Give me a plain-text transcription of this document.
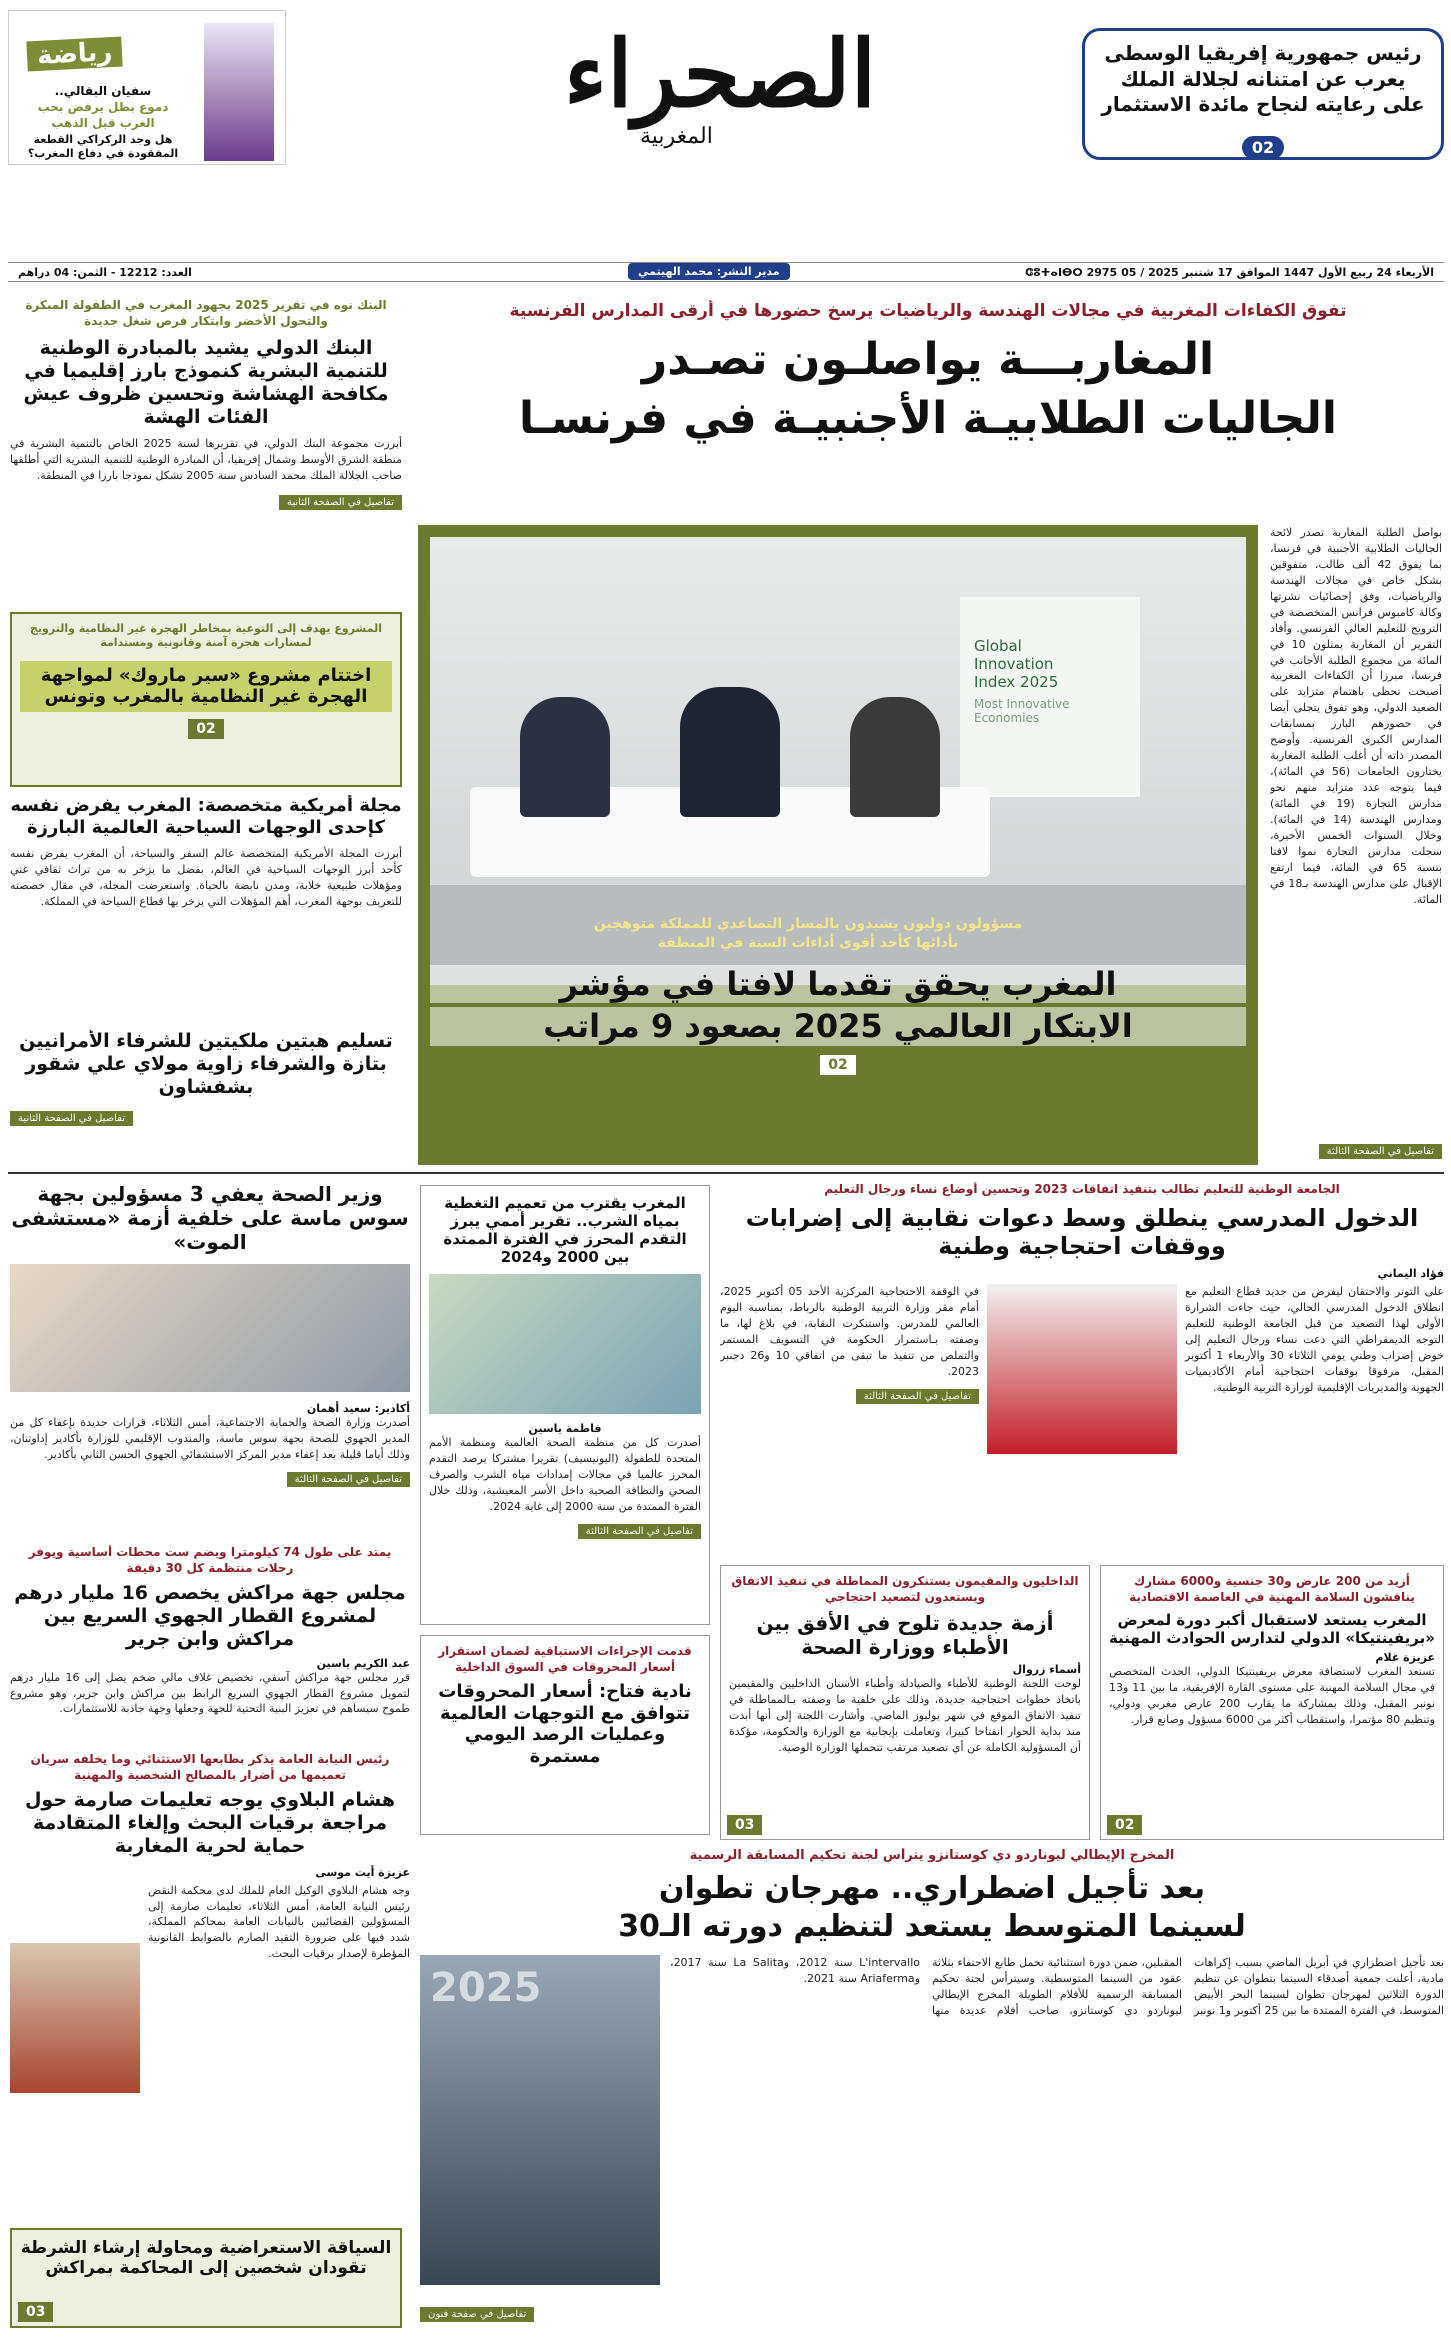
رياضة
سفيان البقالي..
دموع بطل يرفض بحب
الغرب قبل الذهب
هل وجد الركراكي القطعة المفقودة في دفاع المغرب؟
الصحراء
المغربية
رئيس جمهورية إفريقيا الوسطى يعرب عن امتنانه لجلالة الملك على رعايته لنجاح مائدة الاستثمار
02
العدد: 12212 - الثمن: 04 دراهم	مدير النشر: محمد الهيتمي	الأربعاء 24 ربيع الأول 1447 الموافق 17 شتنبر 2025 / 05 ⵛⵓⵜⴰⵏⴱⵔ 2975
البنك نوه في تقرير 2025 بجهود المغرب في الطفولة المبكرة والتحول الأخضر وابتكار فرص شغل جديدة
البنك الدولي يشيد بالمبادرة الوطنية للتنمية البشرية كنموذج بارز إقليميا في مكافحة الهشاشة وتحسين ظروف عيش الفئات الهشة
أبرزت مجموعة البنك الدولي، في تقريرها لسنة 2025 الخاص بالتنمية البشرية في منطقة الشرق الأوسط وشمال إفريقيا، أن المبادرة الوطنية للتنمية البشرية التي أطلقها صاحب الجلالة الملك محمد السادس سنة 2005 تشكل نموذجا بارزا في المنطقة.
تفاصيل في الصفحة الثانية
المشروع يهدف إلى التوعية بمخاطر الهجرة غير النظامية والترويج لمسارات هجرة آمنة وقانونية ومستدامة
اختتام مشروع «سير ماروك» لمواجهة الهجرة غير النظامية بالمغرب وتونس
02
مجلة أمريكية متخصصة: المغرب يفرض نفسه كإحدى الوجهات السياحية العالمية البارزة
أبرزت المجلة الأمريكية المتخصصة عالم السفر والسياحة، أن المغرب يفرض نفسه كأحد أبرز الوجهات السياحية في العالم، بفضل ما يزخر به من تراث ثقافي غني ومؤهلات طبيعية خلابة، ومدن نابضة بالحياة. واستعرضت المجلة، في مقال خصصته للتعريف بوجهة المغرب، أهم المؤهلات التي يزخر بها قطاع السياحة في المملكة.
تسليم هبتين ملكيتين للشرفاء الأمرانيين بتازة والشرفاء زاوية مولاي علي شقور بشفشاون
تفاصيل في الصفحة الثانية
تفوق الكفاءات المغربية في مجالات الهندسة والرياضيات يرسخ حضورها في أرقى المدارس الفرنسية
المغاربـــة يواصلـون تصـدر
الجاليات الطلابيـة الأجنبيـة في فرنسـا
بواصل الطلبة المغاربة تصدر لائحة الجاليات الطلابية الأجنبية في فرنسا، بما يفوق 42 ألف طالب، متفوقين بشكل خاص في مجالات الهندسة والرياضيات، وفق إحصائيات نشرتها وكالة كامبوس فرانس المتخصصة في الترويج للتعليم العالي الفرنسي. وأفاد التقرير أن المغاربة يمثلون 10 في المائة من مجموع الطلبة الأجانب في فرنسا، مبرزا أن الكفاءات المغربية أصبحت تحظى باهتمام متزايد على الصعيد الدولي، وهو تفوق يتجلى أيضا في حضورهم البارز بمسابقات المدارس الكبرى الفرنسية. وأوضح المصدر ذاته أن أغلب الطلبة المغاربة يختارون الجامعات (56 في المائة)، فيما يتوجه عدد متزايد منهم نحو مدارس التجارة (19 في المائة) ومدارس الهندسة (14 في المائة). وخلال السنوات الخمس الأخيرة، سجلت مدارس التجارة نموا لافتا بنسبة 65 في المائة، فيما ارتفع الإقبال على مدارس الهندسة بـ18 في المائة.
تفاصيل في الصفحة الثالثة
Global
Innovation
Index 2025
Most Innovative Economies
مسؤولون دوليون يشيدون بالمسار التصاعدي للمملكة متوهجين
بأدائها كأحد أقوى أداءات السنة في المنطقة
المغرب يحقق تقدما لافتا في مؤشر
الابتكار العالمي 2025 بصعود 9 مراتب
02
وزير الصحة يعفي 3 مسؤولين بجهة سوس ماسة على خلفية أزمة «مستشفى الموت»
أكادير: سعيد أهمان
أصدرت وزارة الصحة والحماية الاجتماعية، أمس الثلاثاء، قرارات جديدة بإعفاء كل من المدير الجهوي للصحة بجهة سوس ماسة، والمندوب الإقليمي للوزارة بأكادير إداوتنان، وذلك أياما قليلة بعد إعفاء مدير المركز الاستشفائي الجهوي الحسن الثاني بأكادير.
تفاصيل في الصفحة الثالثة
يمتد على طول 74 كيلومترا ويضم ست محطات أساسية ويوفر رحلات منتظمة كل 30 دقيقة
مجلس جهة مراكش يخصص 16 مليار درهم لمشروع القطار الجهوي السريع بين مراكش وابن جرير
عبد الكريم ياسين
قرر مجلس جهة مراكش آسفي، تخصيص غلاف مالي ضخم يصل إلى 16 مليار درهم لتمويل مشروع القطار الجهوي السريع الرابط بين مراكش وابن جرير، وهو مشروع طموح سيساهم في تعزيز البنية التحتية للجهة وجعلها وجهة جاذبة للاستثمارات.
رئيس النيابة العامة يذكر بطابعها الاستثنائي وما يخلفه سريان تعميمها من أضرار بالمصالح الشخصية والمهنية
هشام البلاوي يوجه تعليمات صارمة حول مراجعة برقيات البحث وإلغاء المتقادمة حماية لحرية المغاربة
عزيزة أيت موسى
وجه هشام البلاوي الوكيل العام للملك لدى محكمة النقض رئيس النيابة العامة، أمس الثلاثاء، تعليمات صارمة إلى المسؤولين القضائيين بالنيابات العامة بمحاكم المملكة، شدد فيها على ضرورة التقيد الصارم بالضوابط القانونية المؤطرة لإصدار برقيات البحث.
السياقة الاستعراضية ومحاولة إرشاء الشرطة تقودان شخصين إلى المحاكمة بمراكش
03
المغرب يقترب من تعميم التغطية بمياه الشرب.. تقرير أممي يبرز التقدم المحرز في الفترة الممتدة بين 2000 و2024
فاطمة ياسين
أصدرت كل من منظمة الصحة العالمية ومنظمة الأمم المتحدة للطفولة (اليونيسيف) تقريرا مشتركا يرصد التقدم المحرز عالميا في مجالات إمدادات مياه الشرب والصرف الصحي والنظافة الصحية داخل الأسر المعيشية، وذلك خلال الفترة الممتدة من سنة 2000 إلى غاية 2024.
تفاصيل في الصفحة الثالثة
قدمت الإجراءات الاستباقية لضمان استقرار أسعار المحروقات في السوق الداخلية
نادية فتاح: أسعار المحروقات تتوافق مع التوجهات العالمية وعمليات الرصد اليومي مستمرة
الجامعة الوطنية للتعليم تطالب بتنفيذ اتفاقات 2023 وتحسين أوضاع نساء ورجال التعليم
الدخول المدرسي ينطلق وسط دعوات نقابية إلى إضرابات ووقفات احتجاجية وطنية
فؤاد اليماني
على التوتر والاحتقان ليفرض من جديد قطاع التعليم مع انطلاق الدخول المدرسي الحالي، حيث جاءت الشرارة الأولى لهذا التصعيد من قبل الجامعة الوطنية للتعليم التوجه الديمقراطي التي دعت نساء ورجال التعليم إلى خوض إضراب وطني يومي الثلاثاء 30 والأربعاء 1 أكتوبر المقبل، مرفوقا بوقفات احتجاجية أمام الأكاديميات الجهوية والمديريات الإقليمية لوزارة التربية الوطنية.
في الوقفة الاحتجاجية المركزية الأحد 05 أكتوبر 2025، أمام مقر وزارة التربية الوطنية بالرباط، بمناسبة اليوم العالمي للمدرس. واستنكرت النقابة، في بلاغ لها، ما وصفته بـاستمرار الحكومة في التسويف المستمر والتملص من تنفيذ ما تبقى من اتفاقي 10 و26 دجنبر 2023.
تفاصيل في الصفحة الثالثة
الداخليون والمقيمون يستنكرون المماطلة في تنفيذ الاتفاق ويستعدون لتصعيد احتجاجي
أزمة جديدة تلوح في الأفق بين الأطباء ووزارة الصحة
أسماء زروال
لوحت اللجنة الوطنية للأطباء والصيادلة وأطباء الأسنان الداخليين والمقيمين باتخاذ خطوات احتجاجية جديدة، وذلك على خلفية ما وصفته بـالمماطلة في تنفيذ الاتفاق الموقع في شهر يوليوز الماضي. وأشارت اللجنة إلى أنها أبدت منذ بداية الحوار انفتاحا كبيرا، وتعاملت بإيجابية مع الوزارة والحكومة، مؤكدة أن المسؤولية الكاملة عن أي تصعيد مرتقب تتحملها الوزارة الوصية.
03
أزيد من 200 عارض و30 جنسية و6000 مشارك يناقشون السلامة المهنية في العاصمة الاقتصادية
المغرب يستعد لاستقبال أكبر دورة لمعرض «بريفينتيكا» الدولي لتدارس الحوادث المهنية
عزيزة غلام
تستعد المغرب لاستضافة معرض بريفينتيكا الدولي، الحدث المتخصص في مجال السلامة المهنية على مستوى القارة الإفريقية، ما بين 11 و13 نونبر المقبل، وذلك بمشاركة ما يقارب 200 عارض مغربي ودولي، وتنظيم 80 مؤتمرا، واستقطاب أكثر من 6000 مسؤول وصانع قرار.
02
المخرج الإيطالي ليوناردو دي كوستانزو يترأس لجنة تحكيم المسابقة الرسمية
بعد تأجيل اضطراري.. مهرجان تطوان
لسينما المتوسط يستعد لتنظيم دورته الـ30
بعد تأجيل اضطراري في أبريل الماضي بسبب إكراهات مادية، أعلنت جمعية أصدقاء السينما بتطوان عن تنظيم الدورة الثلاثين لمهرجان تطوان لسينما البحر الأبيض المتوسط، في الفترة الممتدة ما بين 25 أكتوبر و1 نونبر المقبلين، ضمن دورة استثنائية تحمل طابع الاحتفاء بثلاثة عقود من السينما المتوسطية. وسيترأس لجنة تحكيم المسابقة الرسمية للأفلام الطويلة المخرج الإيطالي ليوناردو دي كوستانزو، صاحب أفلام عديدة منها L'intervallo سنة 2012، وLa Salita سنة 2017، وAriaferma سنة 2021.
2025
تفاصيل في صفحة فنون
